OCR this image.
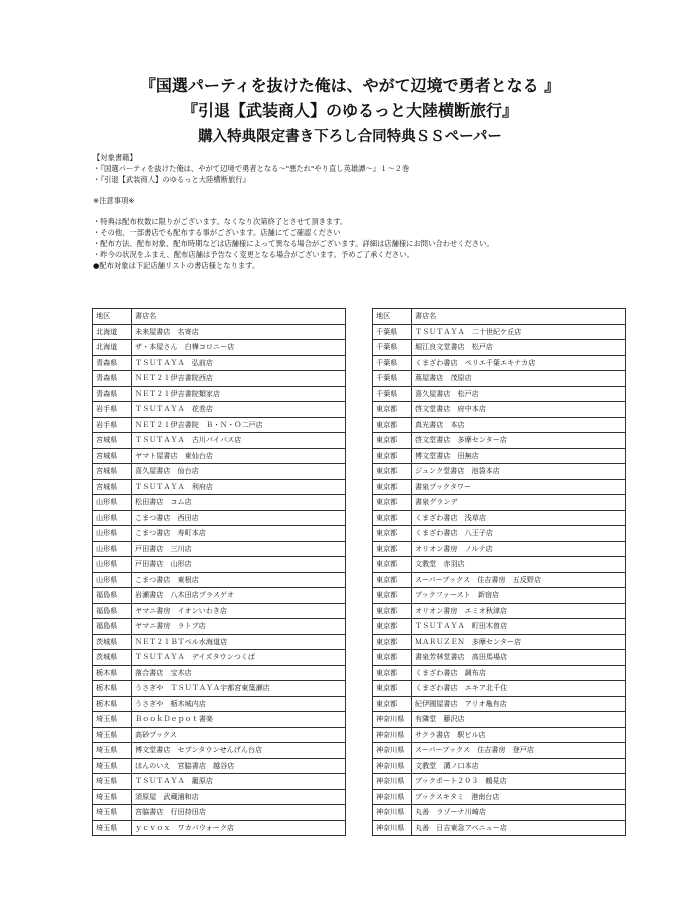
『国選パーティを抜けた俺は、やがて辺境で勇者となる 』
『引退【武装商人】のゆるっと大陸横断旅行』
購入特典限定書き下ろし合同特典ＳＳペーパー
【対象書籍】
・『国選パーティを抜けた俺は、やがて辺境で勇者となる〜"悪たれ"やり直し英雄譚〜』１〜２巻
・『引退【武装商人】のゆるっと大陸横断旅行』
※注意事項※
・特典は配布枚数に限りがございます。なくなり次第終了とさせて頂きます。
・その他、一部書店でも配布する事がございます。店舗にてご確認ください
・配布方法、配布対象、配布時期などは店舗様によって異なる場合がございます。詳細は店舗様にお問い合わせください。
・昨今の状況をふまえ、配布店舗は予告なく変更となる場合がございます。予めご了承ください。
●配布対象は下記店舗リストの書店様となります。
地区	書店名
北海道	未来屋書店　名寄店
北海道	ザ・本屋さん　白樺コロニー店
青森県	ＴＳＵＴＡＹＡ　弘前店
青森県	ＮＥＴ２１伊吉書院西店
青森県	ＮＥＴ２１伊吉書院類家店
岩手県	ＴＳＵＴＡＹＡ　花巻店
岩手県	ＮＥＴ２１伊吉書院　Ｂ・Ｎ・Ｏ二戸店
宮城県	ＴＳＵＴＡＹＡ　古川バイパス店
宮城県	ヤマト屋書店　東仙台店
宮城県	喜久屋書店　仙台店
宮城県	ＴＳＵＴＡＹＡ　利府店
山形県	松田書店　コム店
山形県	こまつ書店　西田店
山形県	こまつ書店　寿町本店
山形県	戸田書店　三川店
山形県	戸田書店　山形店
山形県	こまつ書店　東根店
福島県	岩瀬書店　八木田店プラスゲオ
福島県	ヤマニ書房　イオンいわき店
福島県	ヤマニ書房　ラトブ店
茨城県	ＮＥＴ２１ＢＴベル水海道店
茨城県	ＴＳＵＴＡＹＡ　デイズタウンつくば
栃木県	落合書店　宝木店
栃木県	うさぎや　ＴＳＵＴＡＹＡ宇都宮東簗瀬店
栃木県	うさぎや　栃木城内店
埼玉県	ＢｏｏｋＤｅｐｏｔ書楽
埼玉県	高砂ブックス
埼玉県	博文堂書店　セブンタウンせんげん台店
埼玉県	ほんのいえ　宮脇書店　越谷店
埼玉県	ＴＳＵＴＡＹＡ　籠原店
埼玉県	須原屋　武蔵浦和店
埼玉県	宮脇書店　行田持田店
埼玉県	ｙｃｖｏｘ　ワカバウォーク店
地区	書店名
千葉県	ＴＳＵＴＡＹＡ　二十世紀ケ丘店
千葉県	堀江良文堂書店　松戸店
千葉県	くまざわ書店　ペリエ千葉エキナカ店
千葉県	蔦屋書店　茂原店
千葉県	喜久屋書店　松戸店
東京都	啓文堂書店　府中本店
東京都	真光書店　本店
東京都	啓文堂書店　多摩センター店
東京都	博文堂書店　田無店
東京都	ジュンク堂書店　池袋本店
東京都	書泉ブックタワー
東京都	書泉グランデ
東京都	くまざわ書店　浅草店
東京都	くまざわ書店　八王子店
東京都	オリオン書房　ノルテ店
東京都	文教堂　赤羽店
東京都	スーパーブックス　住吉書房　五反野店
東京都	ブックファースト　新宿店
東京都	オリオン書房　エミオ秋津店
東京都	ＴＳＵＴＡＹＡ　町田木曽店
東京都	ＭＡＲＵＺＥＮ　多摩センター店
東京都	書泉芳林堂書店　高田馬場店
東京都	くまざわ書店　調布店
東京都	くまざわ書店　エキア北千住
東京都	紀伊國屋書店　アリオ亀有店
神奈川県	有隣堂　藤沢店
神奈川県	サクラ書店　駅ビル店
神奈川県	スーパーブックス　住吉書房　登戸店
神奈川県	文教堂　溝ノ口本店
神奈川県	ブックポート２０３　鶴見店
神奈川県	ブックスキタミ　港南台店
神奈川県	丸善　ラゾーナ川崎店
神奈川県	丸善　日吉東急アベニュー店
